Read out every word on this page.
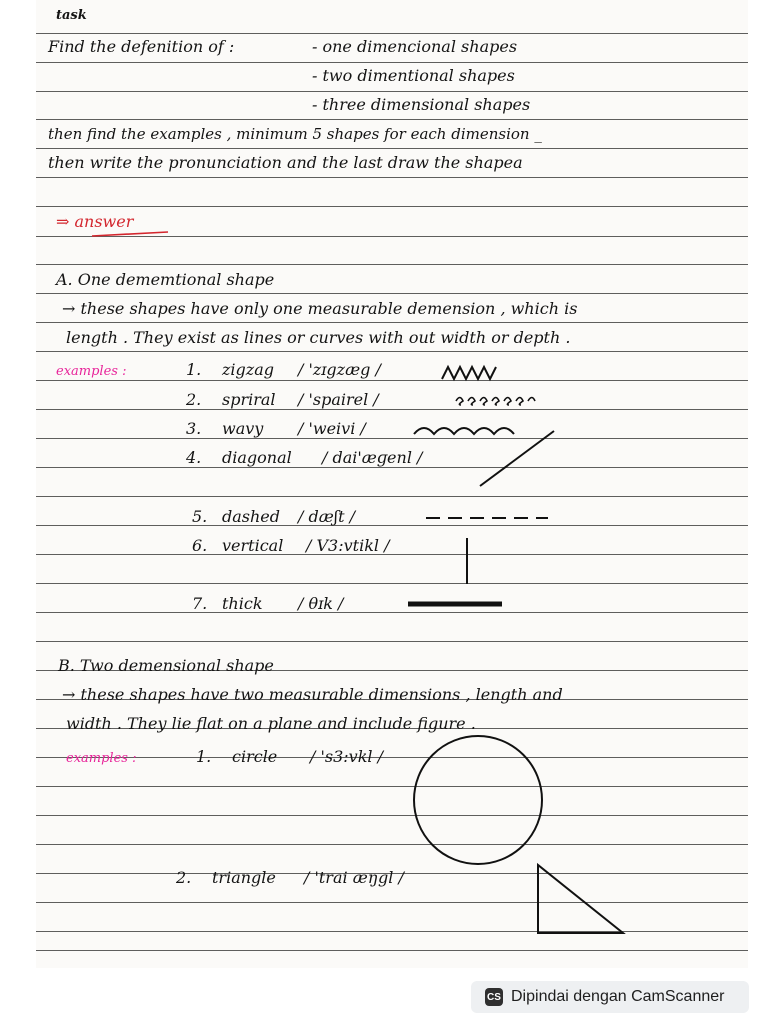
task
Find the defenition of :	- one dimencional shapes
- two dimentional shapes
- three dimensional shapes
then find the examples , minimum 5 shapes for each dimension _
then write the pronunciation and the last draw the shapea
⇒ answer
A. One dememtional shape
→ these shapes have only one measurable demension , which is
length . They exist as lines or curves with out width or depth .
examples :	1. zigzag / 'zɪgzæg /
2. spriral / 'spairel /
3. wavy / 'weivi /
4. diagonal / dai'æɡenl /
5. dashed / dæʃt /
6. vertical / V3:vtikl /
7. thick / θɪk /
B. Two demensional shape
→ these shapes have two measurable dimensions , length and
width . They lie flat on a plane and include figure .
examples :	1. circle / 's3:vkl /
2. triangle / 'trai æŋgl /
CS Dipindai dengan CamScanner
